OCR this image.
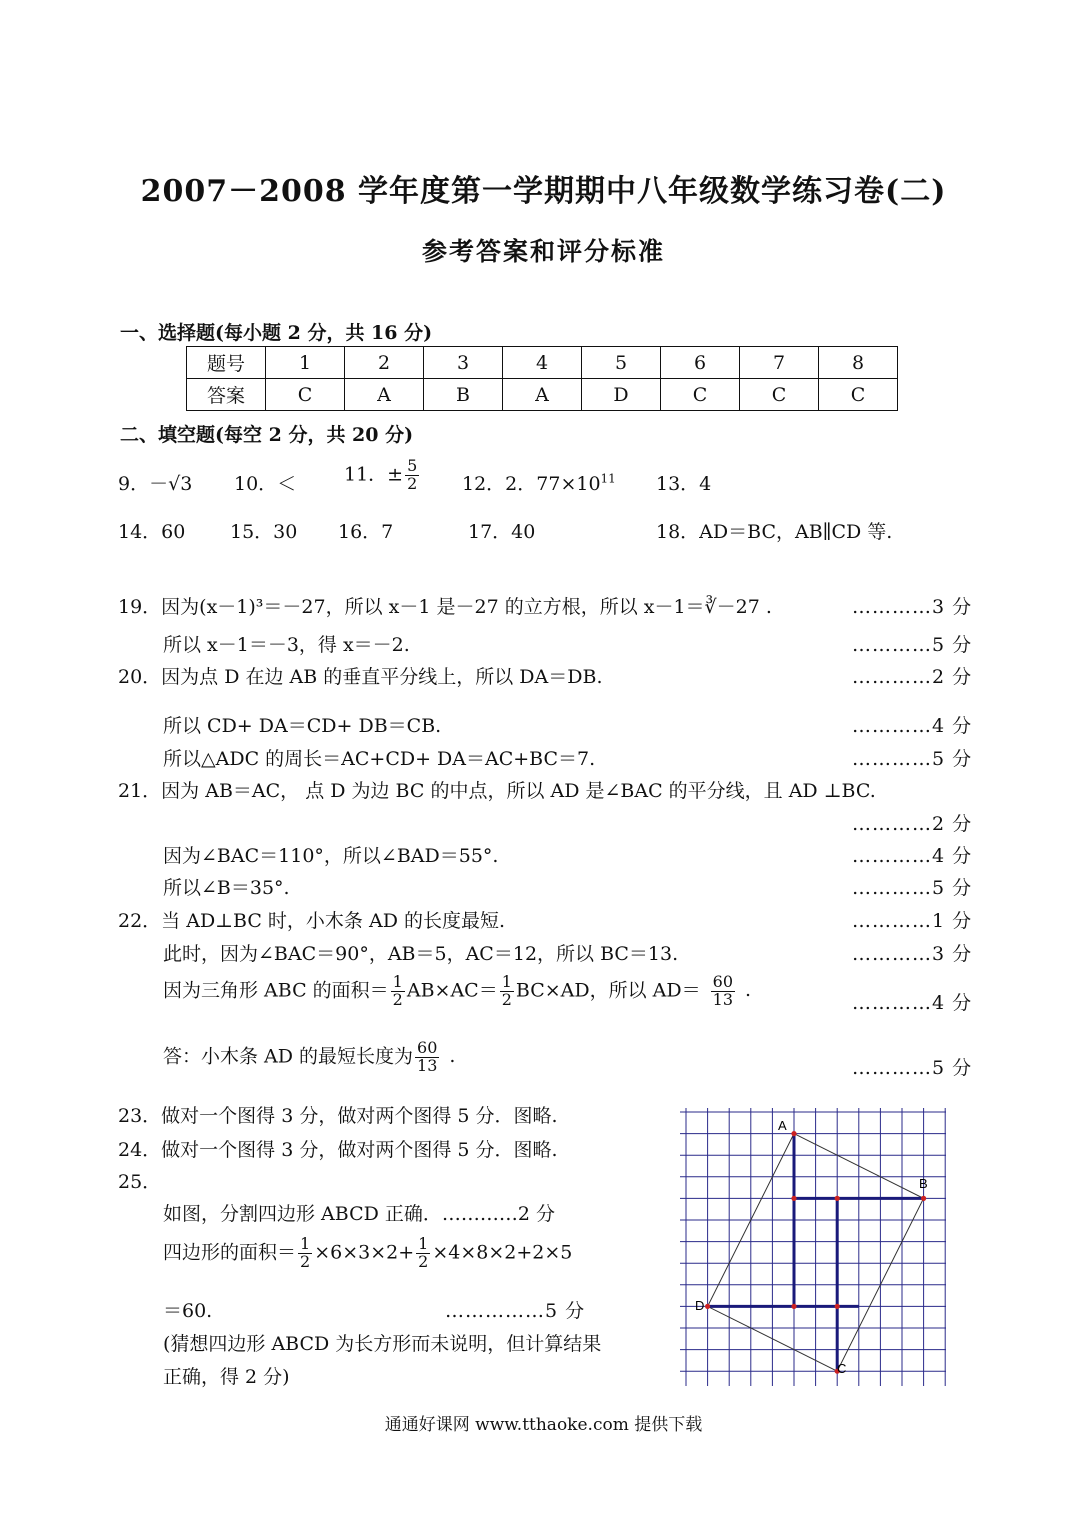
2007－2008 学年度第一学期期中八年级数学练习卷(二)
参考答案和评分标准
一、选择题(每小题 2 分，共 16 分)
题号	1	2	3	4	5	6	7	8
答案	C	A	B	A	D	C	C	C
二、填空题(每空 2 分，共 20 分)
9．－√3 10．＜	11．± $\frac{5}{2} 12$．2．$77\times 10^{11}$ 13．4
14．60 15．30 16．7	17．40	18．AD＝BC，AB∥CD 等.
19．因为(x－1)³＝－27，所以 x－1 是－27 的立方根，所以 x－1＝∛－27 .	…………3 分
所以 x－1＝－3，得 x＝－2.	…………5 分
20．因为点 D 在边 AB 的垂直平分线上，所以 DA＝DB.	…………2 分
所以 CD+ DA＝CD+ DB＝CB.	…………4 分
所以△ADC 的周长＝AC+CD+ DA＝AC+BC＝7.	…………5 分
21．因为 AB＝AC， 点 D 为边 BC 的中点，所以 AD 是∠BAC 的平分线，且 AD ⊥BC.
…………2 分
因为∠BAC＝110°，所以∠BAD＝55°.	…………4 分
所以∠B＝35°.	…………5 分
22．当 AD⊥BC 时，小木条 AD 的长度最短.	…………1 分
此时，因为∠BAC＝90°，AB＝5，AC＝12，所以 BC＝13.	…………3 分
因为三角形 ABC 的面积＝ $\frac{1}{2} AB\times AC= \frac{1}{2} BC\times AD$，所以 $AD= \frac{60}{13}$ .
…………4 分
答：小木条 AD 的最短长度为 $\frac{60}{13}$ .
…………5 分
23．做对一个图得 3 分，做对两个图得 5 分．图略.
24．做对一个图得 3 分，做对两个图得 5 分．图略.
25．
如图，分割四边形 ABCD 正确．…………2 分
四边形的面积＝ $\frac{1}{2} \times 6\times 3\times 2+ \frac{1}{2} \times 4\times 8\times 2+2\times 5$
＝60.	……………5 分
(猜想四边形 ABCD 为长方形而未说明，但计算结果
正确，得 2 分)
A
B
C
D
通通好课网 www.tthaoke.com 提供下载
